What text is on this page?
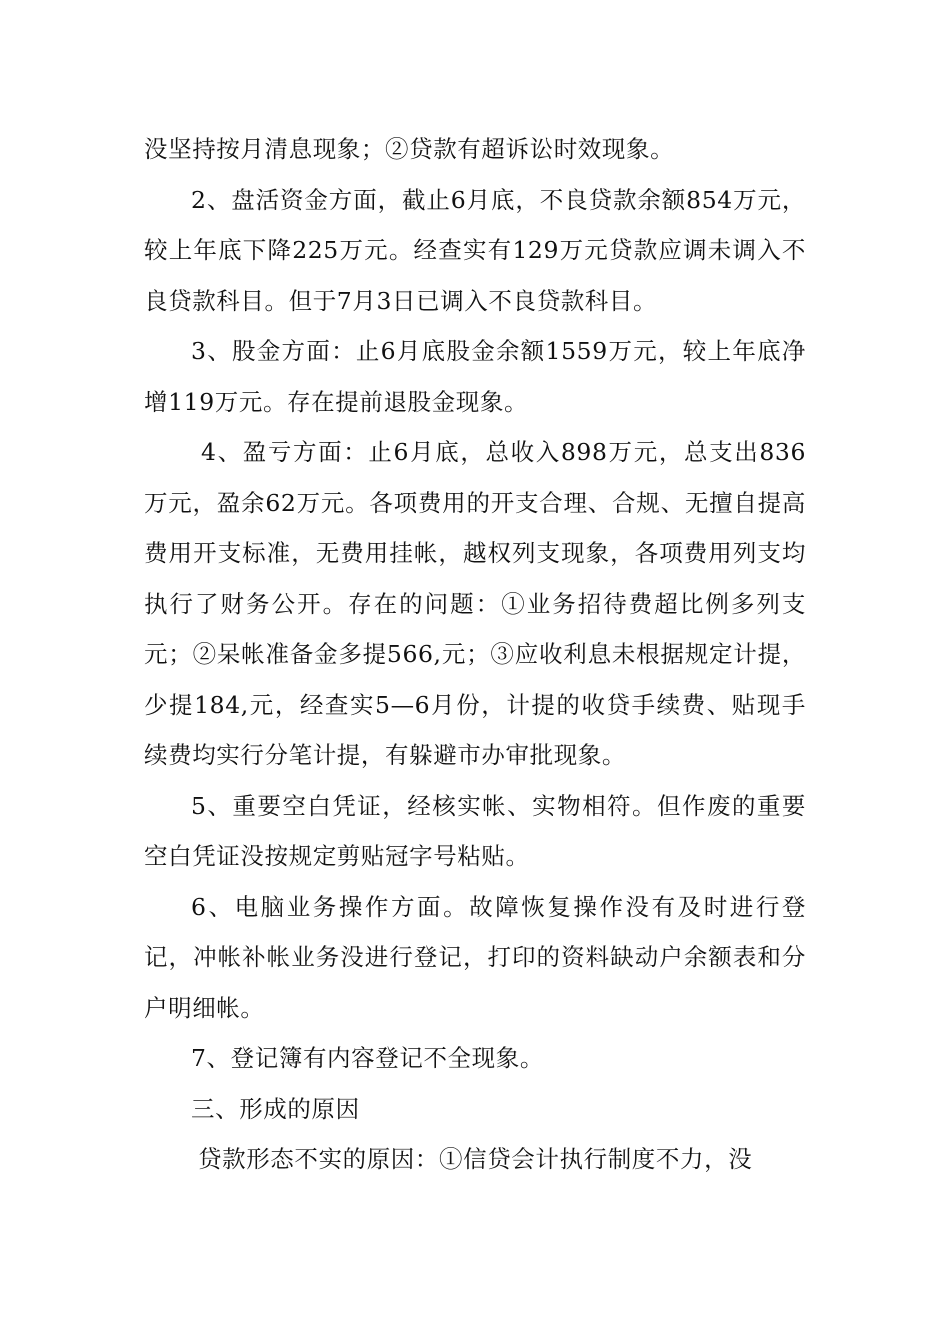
没坚持按月清息现象；②贷款有超诉讼时效现象。

2、盘活资金方面，截止6月底，不良贷款余额854万元，较上年底下降225万元。经查实有129万元贷款应调未调入不良贷款科目。但于7月3日已调入不良贷款科目。

3、股金方面：止6月底股金余额1559万元，较上年底净增119万元。存在提前退股金现象。

4、盈亏方面：止6月底，总收入898万元，总支出836万元，盈余62万元。各项费用的开支合理、合规、无擅自提高费用开支标准，无费用挂帐，越权列支现象，各项费用列支均执行了财务公开。存在的问题：①业务招待费超比例多列支元；②呆帐准备金多提566,元；③应收利息未根据规定计提，少提184,元，经查实5—6月份，计提的收贷手续费、贴现手续费均实行分笔计提，有躲避市办审批现象。

5、重要空白凭证，经核实帐、实物相符。但作废的重要空白凭证没按规定剪贴冠字号粘贴。

6、电脑业务操作方面。故障恢复操作没有及时进行登记，冲帐补帐业务没进行登记，打印的资料缺动户余额表和分户明细帐。

7、登记簿有内容登记不全现象。

三、形成的原因

贷款形态不实的原因：①信贷会计执行制度不力，没
